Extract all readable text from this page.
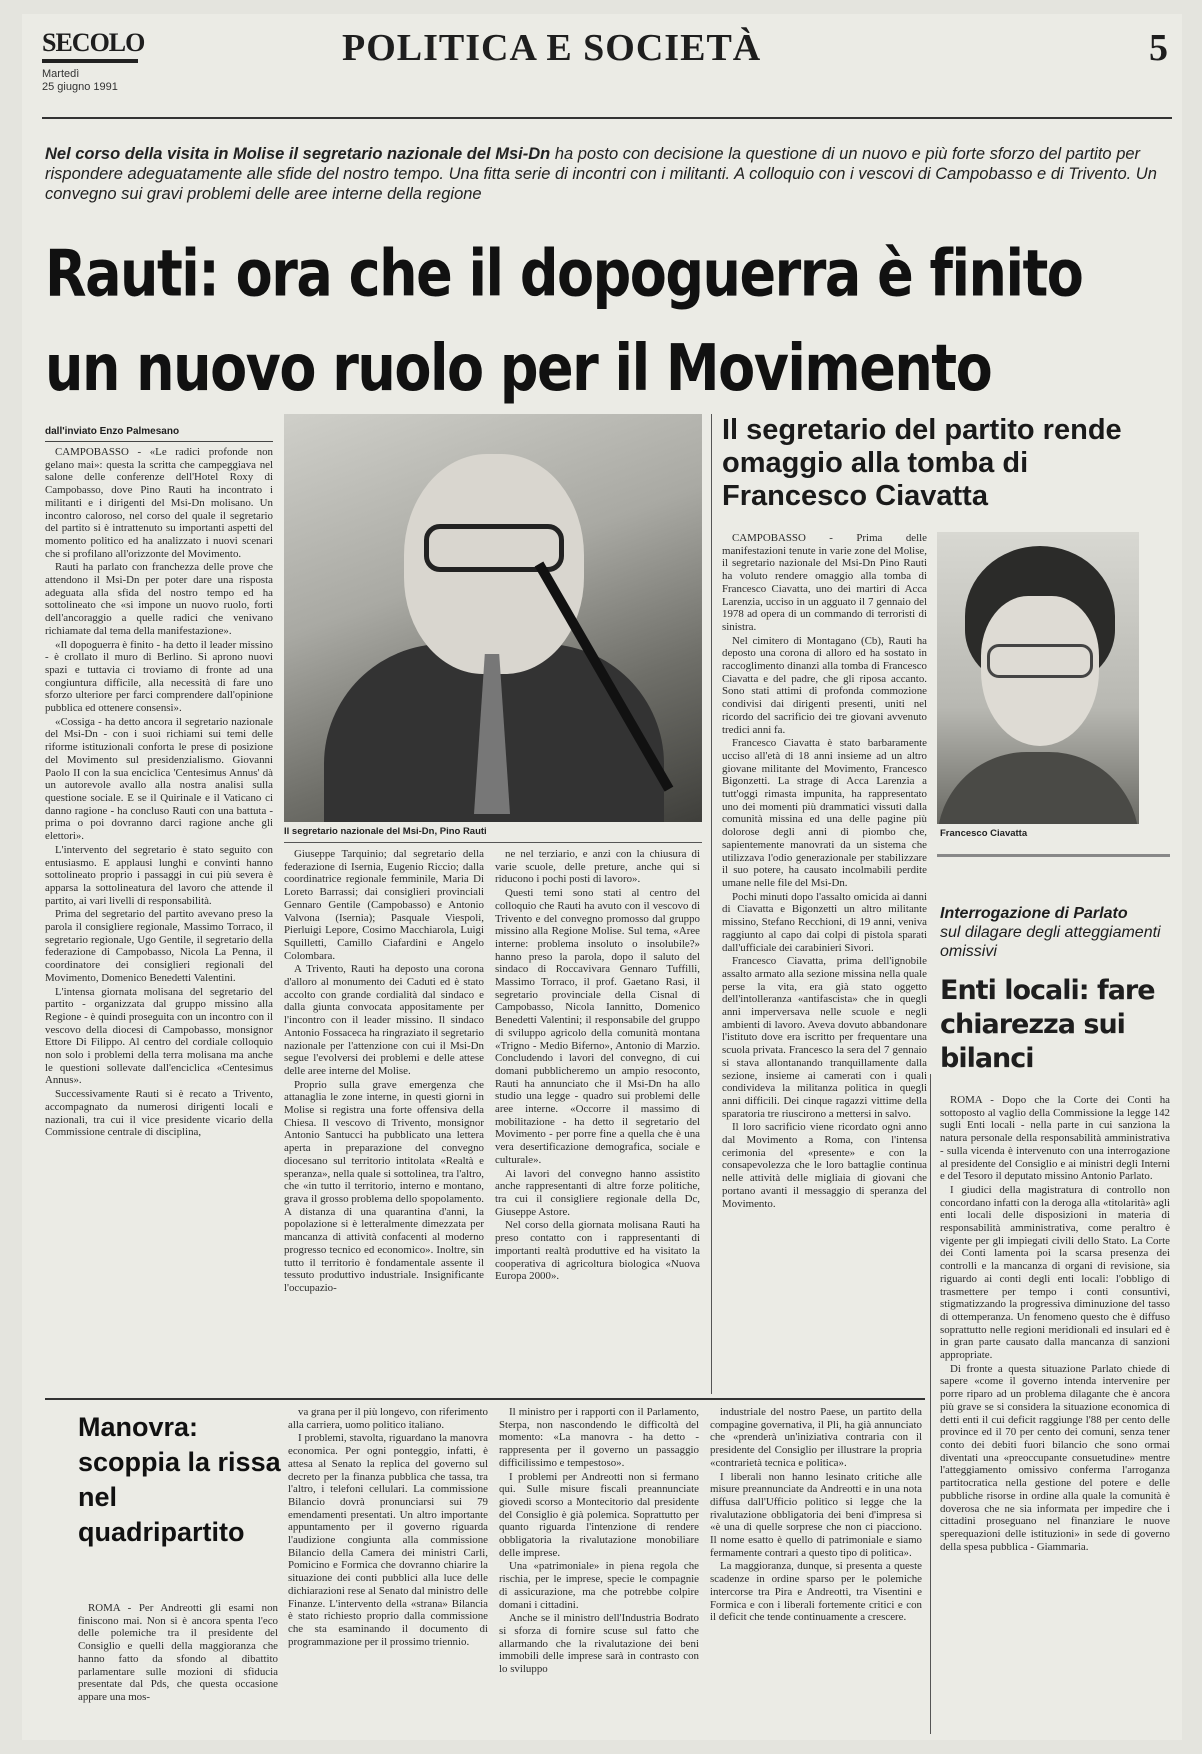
SECOLO
Martedì
25 giugno 1991
POLITICA E SOCIETÀ	5
Nel corso della visita in Molise il segretario nazionale del Msi-Dn ha posto con decisione la questione di un nuovo e più forte sforzo del partito per rispondere adeguatamente alle sfide del nostro tempo. Una fitta serie di incontri con i militanti. A colloquio con i vescovi di Campobasso e di Trivento. Un convegno sui gravi problemi delle aree interne della regione
Rauti: ora che il dopoguerra è finito
un nuovo ruolo per il Movimento
dall'inviato Enzo Palmesano

CAMPOBASSO - «Le radici profonde non gelano mai»: questa la scritta che campeggiava nel salone delle conferenze dell'Hotel Roxy di Campobasso, dove Pino Rauti ha incontrato i militanti e i dirigenti del Msi-Dn molisano. Un incontro caloroso, nel corso del quale il segretario del partito si è intrattenuto su importanti aspetti del momento politico ed ha analizzato i nuovi scenari che si profilano all'orizzonte del Movimento.

Rauti ha parlato con franchezza delle prove che attendono il Msi-Dn per poter dare una risposta adeguata alla sfida del nostro tempo ed ha sottolineato che «si impone un nuovo ruolo, forti dell'ancoraggio a quelle radici che venivano richiamate dal tema della manifestazione».

«Il dopoguerra è finito - ha detto il leader missino - è crollato il muro di Berlino. Si aprono nuovi spazi e tuttavia ci troviamo di fronte ad una congiuntura difficile, alla necessità di fare uno sforzo ulteriore per farci comprendere dall'opinione pubblica ed ottenere consensi».

«Cossiga - ha detto ancora il segretario nazionale del Msi-Dn - con i suoi richiami sui temi delle riforme istituzionali conforta le prese di posizione del Movimento sul presidenzialismo. Giovanni Paolo II con la sua enciclica 'Centesimus Annus' dà un autorevole avallo alla nostra analisi sulla questione sociale. E se il Quirinale e il Vaticano ci danno ragione - ha concluso Rauti con una battuta - prima o poi dovranno darci ragione anche gli elettori».

L'intervento del segretario è stato seguito con entusiasmo. E applausi lunghi e convinti hanno sottolineato proprio i passaggi in cui più severa è apparsa la sottolineatura del lavoro che attende il partito, ai vari livelli di responsabilità.

Prima del segretario del partito avevano preso la parola il consigliere regionale, Massimo Torraco, il segretario regionale, Ugo Gentile, il segretario della federazione di Campobasso, Nicola La Penna, il coordinatore dei consiglieri regionali del Movimento, Domenico Benedetti Valentini.

L'intensa giornata molisana del segretario del partito - organizzata dal gruppo missino alla Regione - è quindi proseguita con un incontro con il vescovo della diocesi di Campobasso, monsignor Ettore Di Filippo. Al centro del cordiale colloquio non solo i problemi della terra molisana ma anche le questioni sollevate dall'enciclica «Centesimus Annus».

Successivamente Rauti si è recato a Trivento, accompagnato da numerosi dirigenti locali e nazionali, tra cui il vice presidente vicario della Commissione centrale di disciplina,

Il segretario nazionale del Msi-Dn, Pino Rauti

Giuseppe Tarquinio; dal segretario della federazione di Isernia, Eugenio Riccio; dalla coordinatrice regionale femminile, Maria Di Loreto Barrassi; dai consiglieri provinciali Gennaro Gentile (Campobasso) e Antonio Valvona (Isernia); Pasquale Viespoli, Pierluigi Lepore, Cosimo Macchiarola, Luigi Squilletti, Camillo Ciafardini e Angelo Colombara.

A Trivento, Rauti ha deposto una corona d'alloro al monumento dei Caduti ed è stato accolto con grande cordialità dal sindaco e dalla giunta convocata appositamente per l'incontro con il leader missino. Il sindaco Antonio Fossaceca ha ringraziato il segretario nazionale per l'attenzione con cui il Msi-Dn segue l'evolversi dei problemi e delle attese delle aree interne del Molise.

Proprio sulla grave emergenza che attanaglia le zone interne, in questi giorni in Molise si registra una forte offensiva della Chiesa. Il vescovo di Trivento, monsignor Antonio Santucci ha pubblicato una lettera aperta in preparazione del convegno diocesano sul territorio intitolata «Realtà e speranza», nella quale si sottolinea, tra l'altro, che «in tutto il territorio, interno e montano, grava il grosso problema dello spopolamento. A distanza di una quarantina d'anni, la popolazione si è letteralmente dimezzata per mancanza di attività confacenti al moderno progresso tecnico ed economico». Inoltre, sin tutto il territorio è fondamentale assente il tessuto produttivo industriale. Insignificante l'occupazio-

ne nel terziario, e anzi con la chiusura di varie scuole, delle preture, anche qui si riducono i pochi posti di lavoro».

Questi temi sono stati al centro del colloquio che Rauti ha avuto con il vescovo di Trivento e del convegno promosso dal gruppo missino alla Regione Molise. Sul tema, «Aree interne: problema insoluto o insolubile?» hanno preso la parola, dopo il saluto del sindaco di Roccavivara Gennaro Tuffilli, Massimo Torraco, il prof. Gaetano Rasi, il segretario provinciale della Cisnal di Campobasso, Nicola Iannitto, Domenico Benedetti Valentini; il responsabile del gruppo di sviluppo agricolo della comunità montana «Trigno - Medio Biferno», Antonio di Marzio. Concludendo i lavori del convegno, di cui domani pubblicheremo un ampio resoconto, Rauti ha annunciato che il Msi-Dn ha allo studio una legge - quadro sui problemi delle aree interne. «Occorre il massimo di mobilitazione - ha detto il segretario del Movimento - per porre fine a quella che è una vera desertificazione demografica, sociale e culturale».

Ai lavori del convegno hanno assistito anche rappresentanti di altre forze politiche, tra cui il consigliere regionale della Dc, Giuseppe Astore.

Nel corso della giornata molisana Rauti ha preso contatto con i rappresentanti di importanti realtà produttive ed ha visitato la cooperativa di agricoltura biologica «Nuova Europa 2000».

Il segretario del partito rende omaggio alla tomba di Francesco Ciavatta

CAMPOBASSO - Prima delle manifestazioni tenute in varie zone del Molise, il segretario nazionale del Msi-Dn Pino Rauti ha voluto rendere omaggio alla tomba di Francesco Ciavatta, uno dei martiri di Acca Larenzia, ucciso in un agguato il 7 gennaio del 1978 ad opera di un commando di terroristi di sinistra.

Nel cimitero di Montagano (Cb), Rauti ha deposto una corona di alloro ed ha sostato in raccoglimento dinanzi alla tomba di Francesco Ciavatta e del padre, che gli riposa accanto. Sono stati attimi di profonda commozione condivisi dai dirigenti presenti, uniti nel ricordo del sacrificio dei tre giovani avvenuto tredici anni fa.

Francesco Ciavatta è stato barbaramente ucciso all'età di 18 anni insieme ad un altro giovane militante del Movimento, Francesco Bigonzetti. La strage di Acca Larenzia a tutt'oggi rimasta impunita, ha rappresentato uno dei momenti più drammatici vissuti dalla comunità missina ed una delle pagine più dolorose degli anni di piombo che, sapientemente manovrati da un sistema che utilizzava l'odio generazionale per stabilizzare il suo potere, ha causato incolmabili perdite umane nelle file del Msi-Dn.

Pochi minuti dopo l'assalto omicida ai danni di Ciavatta e Bigonzetti un altro militante missino, Stefano Recchioni, di 19 anni, veniva raggiunto al capo dai colpi di pistola sparati dall'ufficiale dei carabinieri Sivori.

Francesco Ciavatta, prima dell'ignobile assalto armato alla sezione missina nella quale perse la vita, era già stato oggetto dell'intolleranza «antifascista» che in quegli anni imperversava nelle scuole e negli ambienti di lavoro. Aveva dovuto abbandonare l'istituto dove era iscritto per frequentare una scuola privata. Francesco la sera del 7 gennaio si stava allontanando tranquillamente dalla sezione, insieme ai camerati con i quali condivideva la militanza politica in quegli anni difficili. Dei cinque ragazzi vittime della sparatoria tre riuscirono a mettersi in salvo.

Il loro sacrificio viene ricordato ogni anno dal Movimento a Roma, con l'intensa cerimonia del «presente» e con la consapevolezza che le loro battaglie continua nelle attività delle migliaia di giovani che portano avanti il messaggio di speranza del Movimento.

Francesco Ciavatta
Interrogazione di Parlato
sul dilagare degli atteggiamenti omissivi
Enti locali: fare chiarezza sui bilanci

ROMA - Dopo che la Corte dei Conti ha sottoposto al vaglio della Commissione la legge 142 sugli Enti locali - nella parte in cui sanziona la natura personale della responsabilità amministrativa - sulla vicenda è intervenuto con una interrogazione al presidente del Consiglio e ai ministri degli Interni e del Tesoro il deputato missino Antonio Parlato.

I giudici della magistratura di controllo non concordano infatti con la deroga alla «titolarità» agli enti locali delle disposizioni in materia di responsabilità amministrativa, come peraltro è vigente per gli impiegati civili dello Stato. La Corte dei Conti lamenta poi la scarsa presenza dei controlli e la mancanza di organi di revisione, sia riguardo ai conti degli enti locali: l'obbligo di trasmettere per tempo i conti consuntivi, stigmatizzando la progressiva diminuzione del tasso di ottemperanza. Un fenomeno questo che è diffuso soprattutto nelle regioni meridionali ed insulari ed è in gran parte causato dalla mancanza di sanzioni appropriate.

Di fronte a questa situazione Parlato chiede di sapere «come il governo intenda intervenire per porre riparo ad un problema dilagante che è ancora più grave se si considera la situazione economica di detti enti il cui deficit raggiunge l'88 per cento delle province ed il 70 per cento dei comuni, senza tener conto dei debiti fuori bilancio che sono ormai diventati una «preoccupante consuetudine» mentre l'atteggiamento omissivo conferma l'arroganza partitocratica nella gestione del potere e delle pubbliche risorse in ordine alla quale la comunità è doverosa che ne sia informata per impedire che i cittadini proseguano nel finanziare le nuove sperequazioni delle istituzioni» in sede di governo della spesa pubblica - Giammaria.

Manovra: scoppia la rissa nel quadripartito

ROMA - Per Andreotti gli esami non finiscono mai. Non si è ancora spenta l'eco delle polemiche tra il presidente del Consiglio e quelli della maggioranza che hanno fatto da sfondo al dibattito parlamentare sulle mozioni di sfiducia presentate dal Pds, che questa occasione appare una mos-

va grana per il più longevo, con riferimento alla carriera, uomo politico italiano.

I problemi, stavolta, riguardano la manovra economica. Per ogni ponteggio, infatti, è attesa al Senato la replica del governo sul decreto per la finanza pubblica che tassa, tra l'altro, i telefoni cellulari. La commissione Bilancio dovrà pronunciarsi sui 79 emendamenti presentati. Un altro importante appuntamento per il governo riguarda l'audizione congiunta alla commissione Bilancio della Camera dei ministri Carli, Pomicino e Formica che dovranno chiarire la situazione dei conti pubblici alla luce delle dichiarazioni rese al Senato dal ministro delle Finanze. L'intervento della «strana» Bilancia è stato richiesto proprio dalla commissione che sta esaminando il documento di programmazione per il prossimo triennio.

Il ministro per i rapporti con il Parlamento, Sterpa, non nascondendo le difficoltà del momento: «La manovra - ha detto - rappresenta per il governo un passaggio difficilissimo e tempestoso».

I problemi per Andreotti non si fermano qui. Sulle misure fiscali preannunciate giovedì scorso a Montecitorio dal presidente del Consiglio è già polemica. Soprattutto per quanto riguarda l'intenzione di rendere obbligatoria la rivalutazione monobiliare delle imprese.

Una «patrimoniale» in piena regola che rischia, per le imprese, specie le compagnie di assicurazione, ma che potrebbe colpire domani i cittadini.

Anche se il ministro dell'Industria Bodrato si sforza di fornire scuse sul fatto che allarmando che la rivalutazione dei beni immobili delle imprese sarà in contrasto con lo sviluppo

industriale del nostro Paese, un partito della compagine governativa, il Pli, ha già annunciato che «prenderà un'iniziativa contraria con il presidente del Consiglio per illustrare la propria «contrarietà tecnica e politica».

I liberali non hanno lesinato critiche alle misure preannunciate da Andreotti e in una nota diffusa dall'Ufficio politico si legge che la rivalutazione obbligatoria dei beni d'impresa si «è una di quelle sorprese che non ci piacciono. Il nome esatto è quello di patrimoniale e siamo fermamente contrari a questo tipo di politica».

La maggioranza, dunque, si presenta a queste scadenze in ordine sparso per le polemiche intercorse tra Pira e Andreotti, tra Visentini e Formica e con i liberali fortemente critici e con il deficit che tende continuamente a crescere.
